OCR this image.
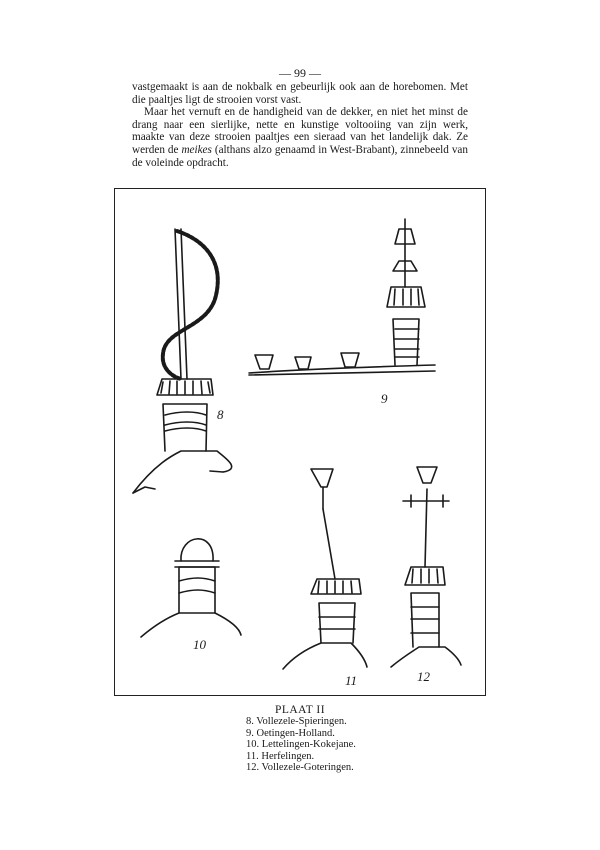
— 99 —

vastgemaakt is aan de nokbalk en gebeurlijk ook aan de horebomen. Met die paaltjes ligt de strooien vorst vast.

Maar het vernuft en de handigheid van de dekker, en niet het minst de drang naar een sierlijke, nette en kunstige voltooiing van zijn werk, maakte van deze strooien paaltjes een sieraad van het landelijk dak. Ze werden de meikes (althans alzo genaamd in West-Brabant), zinnebeeld van de voleinde opdracht.

8
9
10
11	12
PLAAT II
8. Vollezele-Spieringen.
9. Oetingen-Holland.
10. Lettelingen-Kokejane.
11. Herfelingen.
12. Vollezele-Goteringen.
